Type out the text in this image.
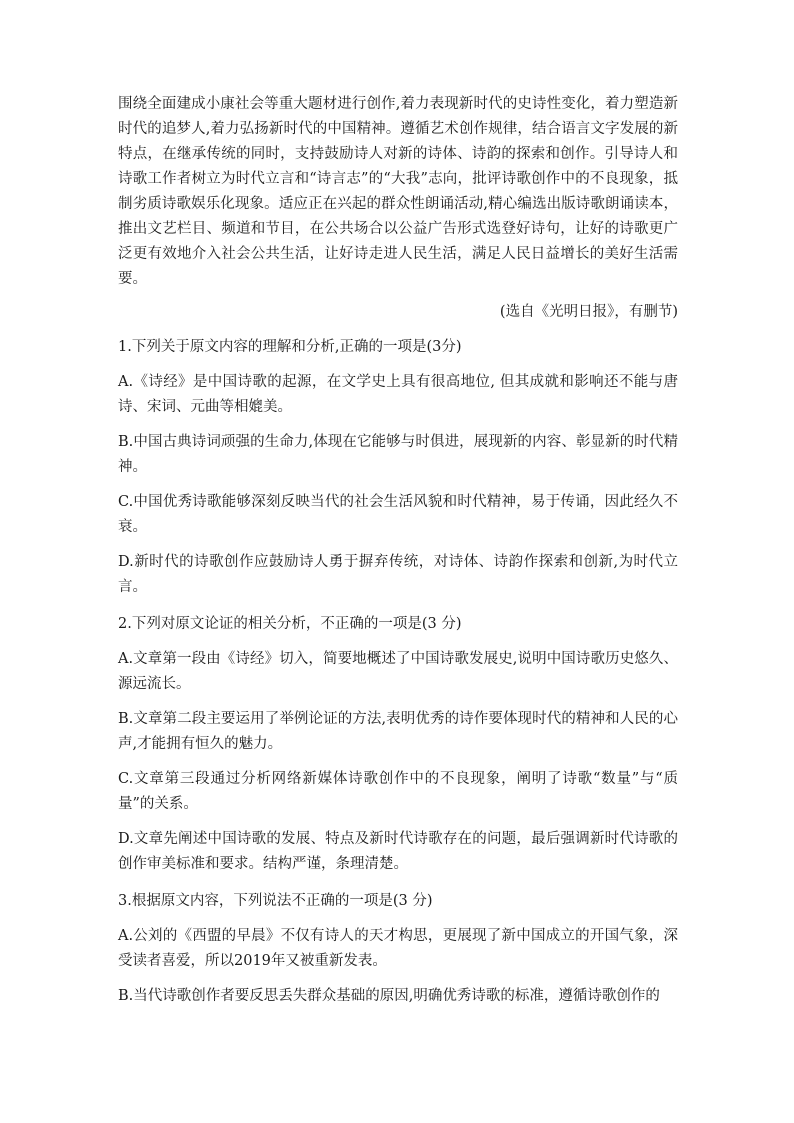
围绕全面建成小康社会等重大题材进行创作,着力表现新时代的史诗性变化，着力塑造新时代的追梦人,着力弘扬新时代的中国精神。遵循艺术创作规律，结合语言文字发展的新特点，在继承传统的同时，支持鼓励诗人对新的诗体、诗韵的探索和创作。引导诗人和诗歌工作者树立为时代立言和“诗言志”的“大我”志向，批评诗歌创作中的不良现象，抵制劣质诗歌娱乐化现象。适应正在兴起的群众性朗诵活动,精心编选出版诗歌朗诵读本，推出文艺栏目、频道和节目，在公共场合以公益广告形式选登好诗句，让好的诗歌更广泛更有效地介入社会公共生活，让好诗走进人民生活，满足人民日益增长的美好生活需要。

(选自《光明日报》，有删节)

1.下列关于原文内容的理解和分析,正确的一项是(3分)

A.《诗经》是中国诗歌的起源，在文学史上具有很高地位, 但其成就和影响还不能与唐诗、宋词、元曲等相媲美。

B.中国古典诗词顽强的生命力,体现在它能够与时俱进，展现新的内容、彰显新的时代精神。

C.中国优秀诗歌能够深刻反映当代的社会生活风貌和时代精神，易于传诵，因此经久不衰。

D.新时代的诗歌创作应鼓励诗人勇于摒弃传统，对诗体、诗韵作探索和创新,为时代立言。

2.下列对原文论证的相关分析，不正确的一项是(3 分)

A.文章第一段由《诗经》切入，简要地概述了中国诗歌发展史,说明中国诗歌历史悠久、源远流长。

B.文章第二段主要运用了举例论证的方法,表明优秀的诗作要体现时代的精神和人民的心声,才能拥有恒久的魅力。

C.文章第三段通过分析网络新媒体诗歌创作中的不良现象，阐明了诗歌“数量”与“质量”的关系。

D.文章先阐述中国诗歌的发展、特点及新时代诗歌存在的问题，最后强调新时代诗歌的创作审美标准和要求。结构严谨，条理清楚。

3.根据原文内容，下列说法不正确的一项是(3 分)

A.公刘的《西盟的早晨》不仅有诗人的天才构思，更展现了新中国成立的开国气象，深受读者喜爱，所以2019年又被重新发表。

B.当代诗歌创作者要反思丢失群众基础的原因,明确优秀诗歌的标准，遵循诗歌创作的
